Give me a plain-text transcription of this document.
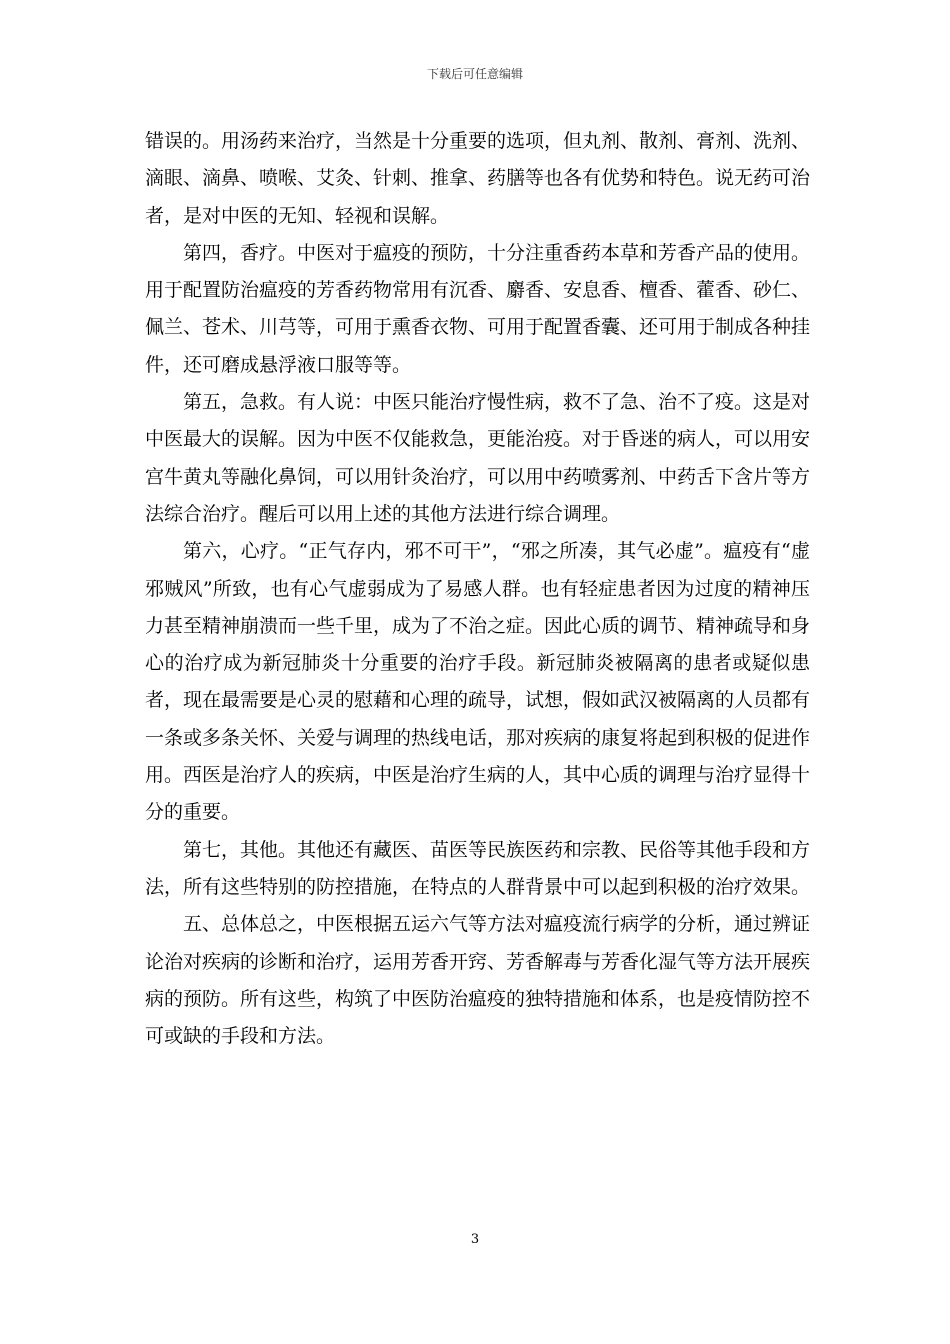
下载后可任意编辑

错误的。用汤药来治疗，当然是十分重要的选项，但丸剂、散剂、膏剂、洗剂、滴眼、滴鼻、喷喉、艾灸、针刺、推拿、药膳等也各有优势和特色。说无药可治者，是对中医的无知、轻视和误解。

第四，香疗。中医对于瘟疫的预防，十分注重香药本草和芳香产品的使用。用于配置防治瘟疫的芳香药物常用有沉香、麝香、安息香、檀香、藿香、砂仁、佩兰、苍术、川芎等，可用于熏香衣物、可用于配置香囊、还可用于制成各种挂件，还可磨成悬浮液口服等等。

第五，急救。有人说：中医只能治疗慢性病，救不了急、治不了疫。这是对中医最大的误解。因为中医不仅能救急，更能治疫。对于昏迷的病人，可以用安宫牛黄丸等融化鼻饲，可以用针灸治疗，可以用中药喷雾剂、中药舌下含片等方法综合治疗。醒后可以用上述的其他方法进行综合调理。

第六，心疗。“正气存内，邪不可干”，“邪之所凑，其气必虚”。瘟疫有“虚邪贼风”所致，也有心气虚弱成为了易感人群。也有轻症患者因为过度的精神压力甚至精神崩溃而一些千里，成为了不治之症。因此心质的调节、精神疏导和身心的治疗成为新冠肺炎十分重要的治疗手段。新冠肺炎被隔离的患者或疑似患者，现在最需要是心灵的慰藉和心理的疏导，试想，假如武汉被隔离的人员都有一条或多条关怀、关爱与调理的热线电话，那对疾病的康复将起到积极的促进作用。西医是治疗人的疾病，中医是治疗生病的人，其中心质的调理与治疗显得十分的重要。

第七，其他。其他还有藏医、苗医等民族医药和宗教、民俗等其他手段和方法，所有这些特别的防控措施，在特点的人群背景中可以起到积极的治疗效果。

五、总体总之，中医根据五运六气等方法对瘟疫流行病学的分析，通过辨证论治对疾病的诊断和治疗，运用芳香开窍、芳香解毒与芳香化湿气等方法开展疾病的预防。所有这些，构筑了中医防治瘟疫的独特措施和体系，也是疫情防控不可或缺的手段和方法。

3
